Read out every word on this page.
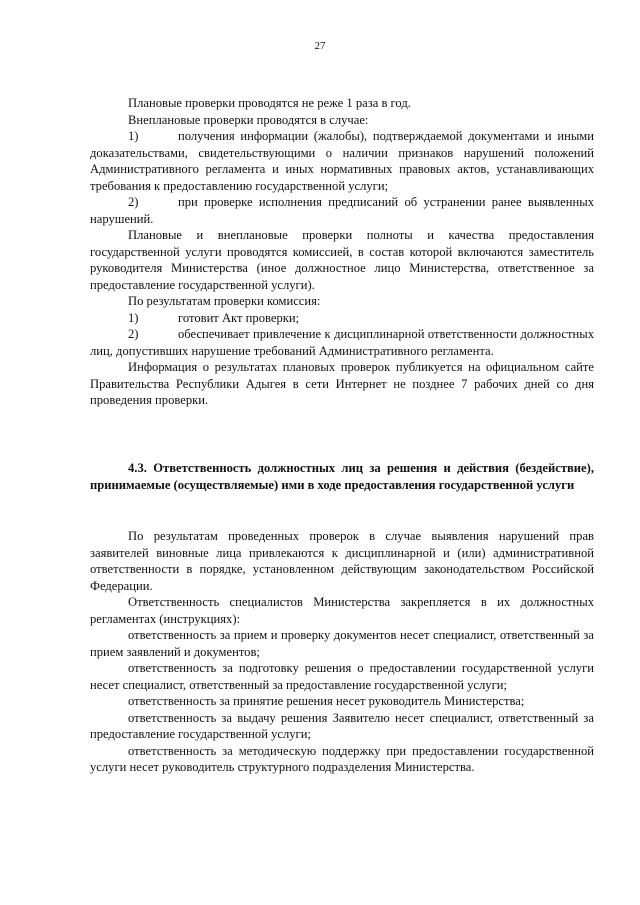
27

Плановые проверки проводятся не реже 1 раза в год.

Внеплановые проверки проводятся в случае:

1)	получения информации (жалобы), подтверждаемой документами и иными доказательствами, свидетельствующими о наличии признаков нарушений положений Административного регламента и иных нормативных правовых актов, устанавливающих требования к предоставлению государственной услуги;

2)	при проверке исполнения предписаний об устранении ранее выявленных нарушений.

Плановые и внеплановые проверки полноты и качества предоставления государственной услуги проводятся комиссией, в состав которой включаются заместитель руководителя Министерства (иное должностное лицо Министерства, ответственное за предоставление государственной услуги).

По результатам проверки комиссия:

1)	готовит Акт проверки;

2)	обеспечивает привлечение к дисциплинарной ответственности должностных лиц, допустивших нарушение требований Административного регламента.

Информация о результатах плановых проверок публикуется на официальном сайте Правительства Республики Адыгея в сети Интернет не позднее 7 рабочих дней со дня проведения проверки.

4.3. Ответственность должностных лиц за решения и действия (бездействие), принимаемые (осуществляемые) ими в ходе предоставления государственной услуги

По результатам проведенных проверок в случае выявления нарушений прав заявителей виновные лица привлекаются к дисциплинарной и (или) административной ответственности в порядке, установленном действующим законодательством Российской Федерации.

Ответственность специалистов Министерства закрепляется в их должностных регламентах (инструкциях):

ответственность за прием и проверку документов несет специалист, ответственный за прием заявлений и документов;

ответственность за подготовку решения о предоставлении государственной услуги несет специалист, ответственный за предоставление государственной услуги;

ответственность за принятие решения несет руководитель Министерства;

ответственность за выдачу решения Заявителю несет специалист, ответственный за предоставление государственной услуги;

ответственность за методическую поддержку при предоставлении государственной услуги несет руководитель структурного подразделения Министерства.
